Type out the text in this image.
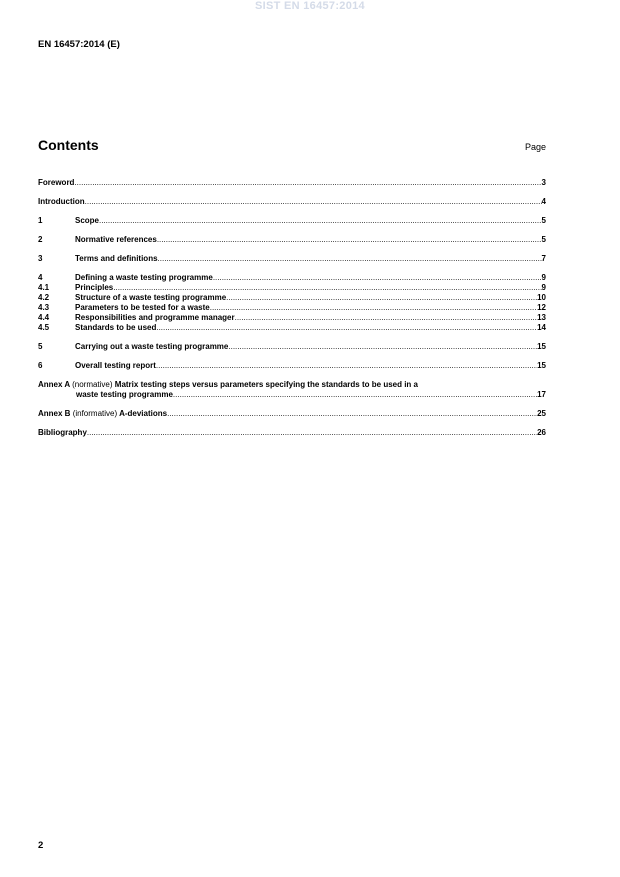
SIST EN 16457:2014
EN 16457:2014 (E)
Contents	Page
Foreword .....	3
Introduction .....	4
1	Scope .....	5
2	Normative references .....	5
3	Terms and definitions .....	7
4	Defining a waste testing programme .....	9
4.1	Principles .....	9
4.2	Structure of a waste testing programme .....	10
4.3	Parameters to be tested for a waste .....	12
4.4	Responsibilities and programme manager .....	13
4.5	Standards to be used .....	14
5	Carrying out a waste testing programme .....	15
6	Overall testing report .....	15
Annex A (normative) Matrix testing steps versus parameters specifying the standards to be used in a
waste testing programme .....	17
Annex B (informative) A-deviations .....	25
Bibliography .....	26
2
